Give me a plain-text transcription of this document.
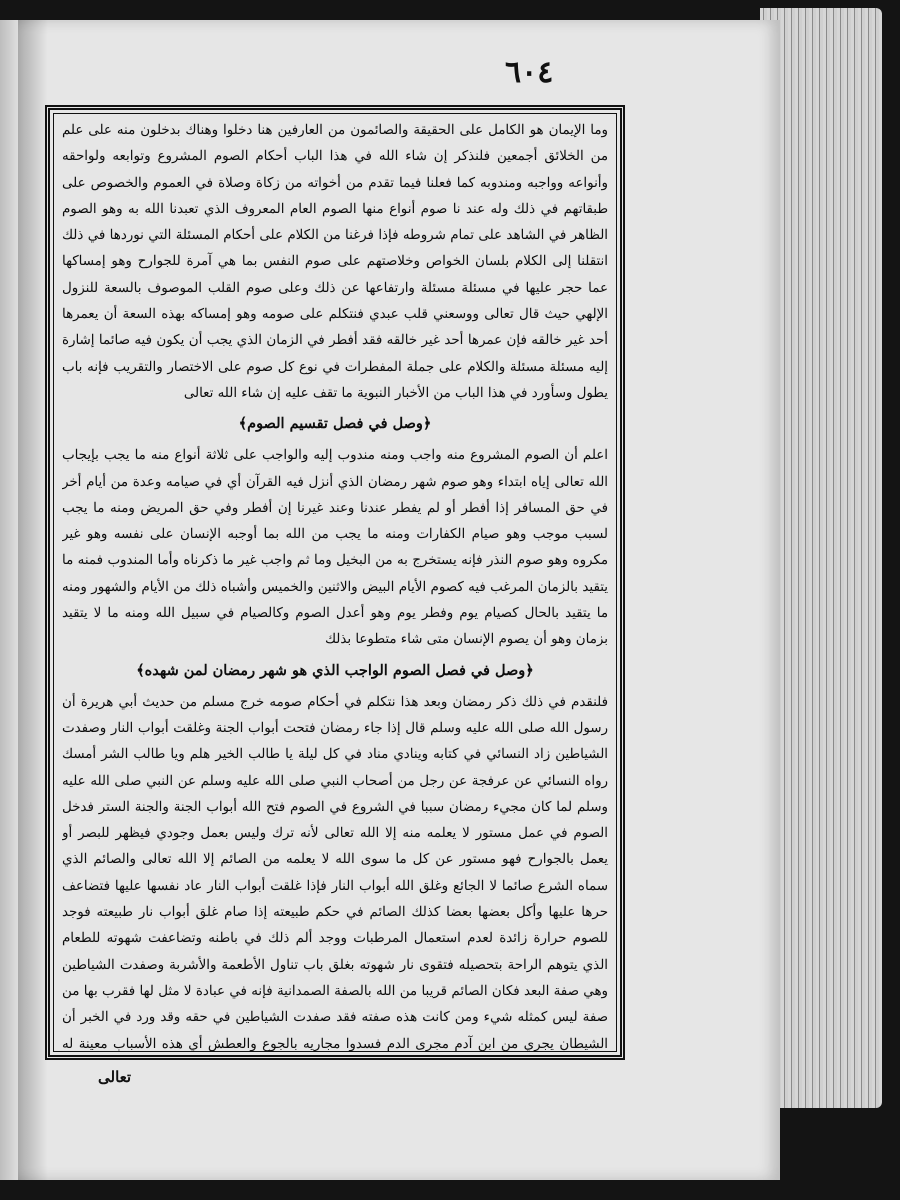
٦٠٤

وما الإيمان هو الكامل على الحقيقة والصائمون من العارفين هنا دخلوا وهناك بدخلون منه على علم من الخلائق أجمعين فلنذكر إن شاء الله في هذا الباب أحكام الصوم المشروع وتوابعه ولواحقه وأنواعه وواجبه ومندوبه كما فعلنا فيما تقدم من أخواته من زكاة وصلاة في العموم والخصوص على طبقاتهم في ذلك وله عند نا صوم أنواع منها الصوم العام المعروف الذي تعبدنا الله به وهو الصوم الظاهر في الشاهد على تمام شروطه فإذا فرغنا من الكلام على أحكام المسئلة التي نوردها في ذلك انتقلنا إلى الكلام بلسان الخواص وخلاصتهم على صوم النفس بما هي آمرة للجوارح وهو إمساكها عما حجر عليها في مسئلة مسئلة وارتفاعها عن ذلك وعلى صوم القلب الموصوف بالسعة للنزول الإلهي حيث قال تعالى ووسعني قلب عبدي فنتكلم على صومه وهو إمساكه بهذه السعة أن يعمرها أحد غير خالقه فإن عمرها أحد غير خالقه فقد أفطر في الزمان الذي يجب أن يكون فيه صائما إشارة إليه مسئلة مسئلة والكلام على جملة المفطرات في نوع كل صوم على الاختصار والتقريب فإنه باب يطول وسأورد في هذا الباب من الأخبار النبوية ما تقف عليه إن شاء الله تعالى

﴿وصل في فصل تقسيم الصوم﴾

اعلم أن الصوم المشروع منه واجب ومنه مندوب إليه والواجب على ثلاثة أنواع منه ما يجب بإيجاب الله تعالى إياه ابتداء وهو صوم شهر رمضان الذي أنزل فيه القرآن أي في صيامه وعدة من أيام أخر في حق المسافر إذا أفطر أو لم يفطر عندنا وعند غيرنا إن أفطر وفي حق المريض ومنه ما يجب لسبب موجب وهو صيام الكفارات ومنه ما يجب من الله بما أوجبه الإنسان على نفسه وهو غير مكروه وهو صوم النذر فإنه يستخرج به من البخيل وما ثم واجب غير ما ذكرناه وأما المندوب فمنه ما يتقيد بالزمان المرغب فيه كصوم الأيام البيض والاثنين والخميس وأشباه ذلك من الأيام والشهور ومنه ما يتقيد بالحال كصيام يوم وفطر يوم وهو أعدل الصوم وكالصيام في سبيل الله ومنه ما لا يتقيد بزمان وهو أن يصوم الإنسان متى شاء متطوعا بذلك

﴿وصل في فصل الصوم الواجب الذي هو شهر رمضان لمن شهده﴾

فلنقدم في ذلك ذكر رمضان وبعد هذا نتكلم في أحكام صومه خرج مسلم من حديث أبي هريرة أن رسول الله صلى الله عليه وسلم قال إذا جاء رمضان فتحت أبواب الجنة وغلقت أبواب النار وصفدت الشياطين زاد النسائي في كتابه وينادي مناد في كل ليلة يا طالب الخير هلم ويا طالب الشر أمسك رواه النسائي عن عرفجة عن رجل من أصحاب النبي صلى الله عليه وسلم عن النبي صلى الله عليه وسلم لما كان مجيء رمضان سببا في الشروع في الصوم فتح الله أبواب الجنة والجنة الستر فدخل الصوم في عمل مستور لا يعلمه منه إلا الله تعالى لأنه ترك وليس بعمل وجودي فيظهر للبصر أو يعمل بالجوارح فهو مستور عن كل ما سوى الله لا يعلمه من الصائم إلا الله تعالى والصائم الذي سماه الشرع صائما لا الجائع وغلق الله أبواب النار فإذا غلقت أبواب النار عاد نفسها عليها فتضاعف حرها عليها وأكل بعضها بعضا كذلك الصائم في حكم طبيعته إذا صام غلق أبواب نار طبيعته فوجد للصوم حرارة زائدة لعدم استعمال المرطبات ووجد ألم ذلك في باطنه وتضاعفت شهوته للطعام الذي يتوهم الراحة بتحصيله فتقوى نار شهوته بغلق باب تناول الأطعمة والأشربة وصفدت الشياطين وهي صفة البعد فكان الصائم قريبا من الله بالصفة الصمدانية فإنه في عبادة لا مثل لها فقرب بها من صفة ليس كمثله شيء ومن كانت هذه صفته فقد صفدت الشياطين في حقه وقد ورد في الخبر أن الشيطان يجري من ابن آدم مجرى الدم فسدوا مجاريه بالجوع والعطش أي هذه الأسباب معينة له

تعالى
